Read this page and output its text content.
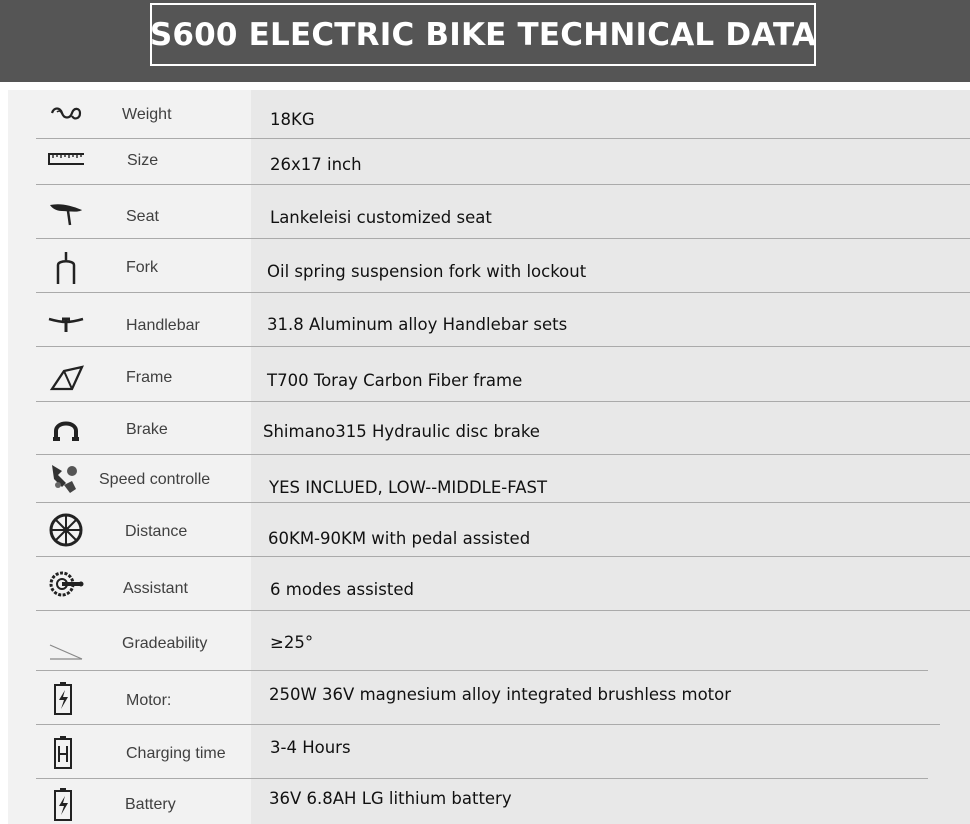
S600 ELECTRIC BIKE TECHNICAL DATA
Weight	18KG
Size	26x17 inch
Seat	Lankeleisi customized seat
Fork	Oil spring suspension fork with lockout
Handlebar	31.8 Aluminum alloy Handlebar sets
Frame	T700 Toray Carbon Fiber frame
Brake	Shimano315 Hydraulic disc brake
Speed controlle	YES INCLUED, LOW--MIDDLE-FAST
Distance	60KM-90KM with pedal assisted
Assistant	6 modes assisted
Gradeability	≥25°
Motor:	250W 36V magnesium alloy integrated brushless motor
Charging time	3-4 Hours
Battery	36V 6.8AH LG lithium battery
